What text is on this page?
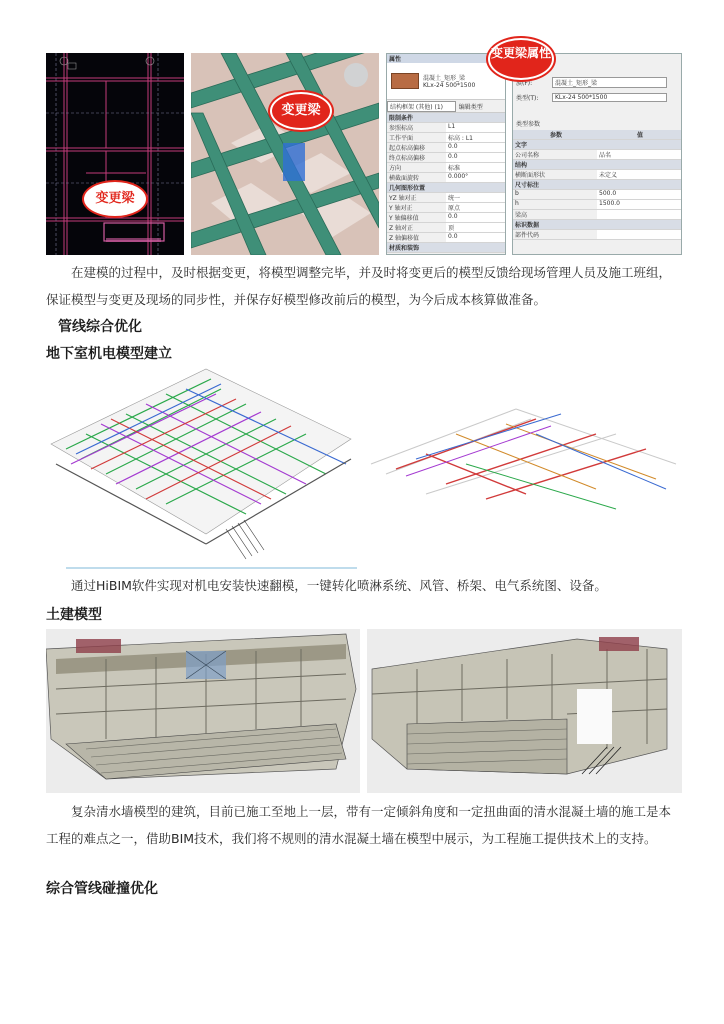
变更梁
变更梁
属性
混凝土_矩形_梁
KLx-24 500*1500
结构框架 (其他) (1)	编辑类型
限制条件
参照标高	L1
工作平面	标高 : L1
起点标高偏移	0.0
终点标高偏移	0.0
方向	标准
横截面旋转	0.000°
几何图形位置
YZ 轴对正	统一
Y 轴对正	原点
Y 轴偏移值	0.0
Z 轴对正	顶
Z 轴偏移值	0.0
材质和装饰
族(F):	混凝土_矩形_梁
类型(T):	KLx-24 500*1500
类型参数
参数	值
文字
公司名称	品名
结构
横断面形状	未定义
尺寸标注
b	500.0
h	1500.0
梁高
标识数据
部件代码
变更梁属性
在建模的过程中，及时根据变更，将模型调整完毕，并及时将变更后的模型反馈给现场管理人员及施工班组，保证模型与变更及现场的同步性，并保存好模型修改前后的模型，为今后成本核算做准备。
管线综合优化
地下室机电模型建立
通过HiBIM软件实现对机电安装快速翻模，一键转化喷淋系统、风管、桥架、电气系统图、设备。
土建模型
复杂清水墙模型的建筑，目前已施工至地上一层，带有一定倾斜角度和一定扭曲面的清水混凝土墙的施工是本工程的难点之一，借助BIM技术，我们将不规则的清水混凝土墙在模型中展示，为工程施工提供技术上的支持。
综合管线碰撞优化
